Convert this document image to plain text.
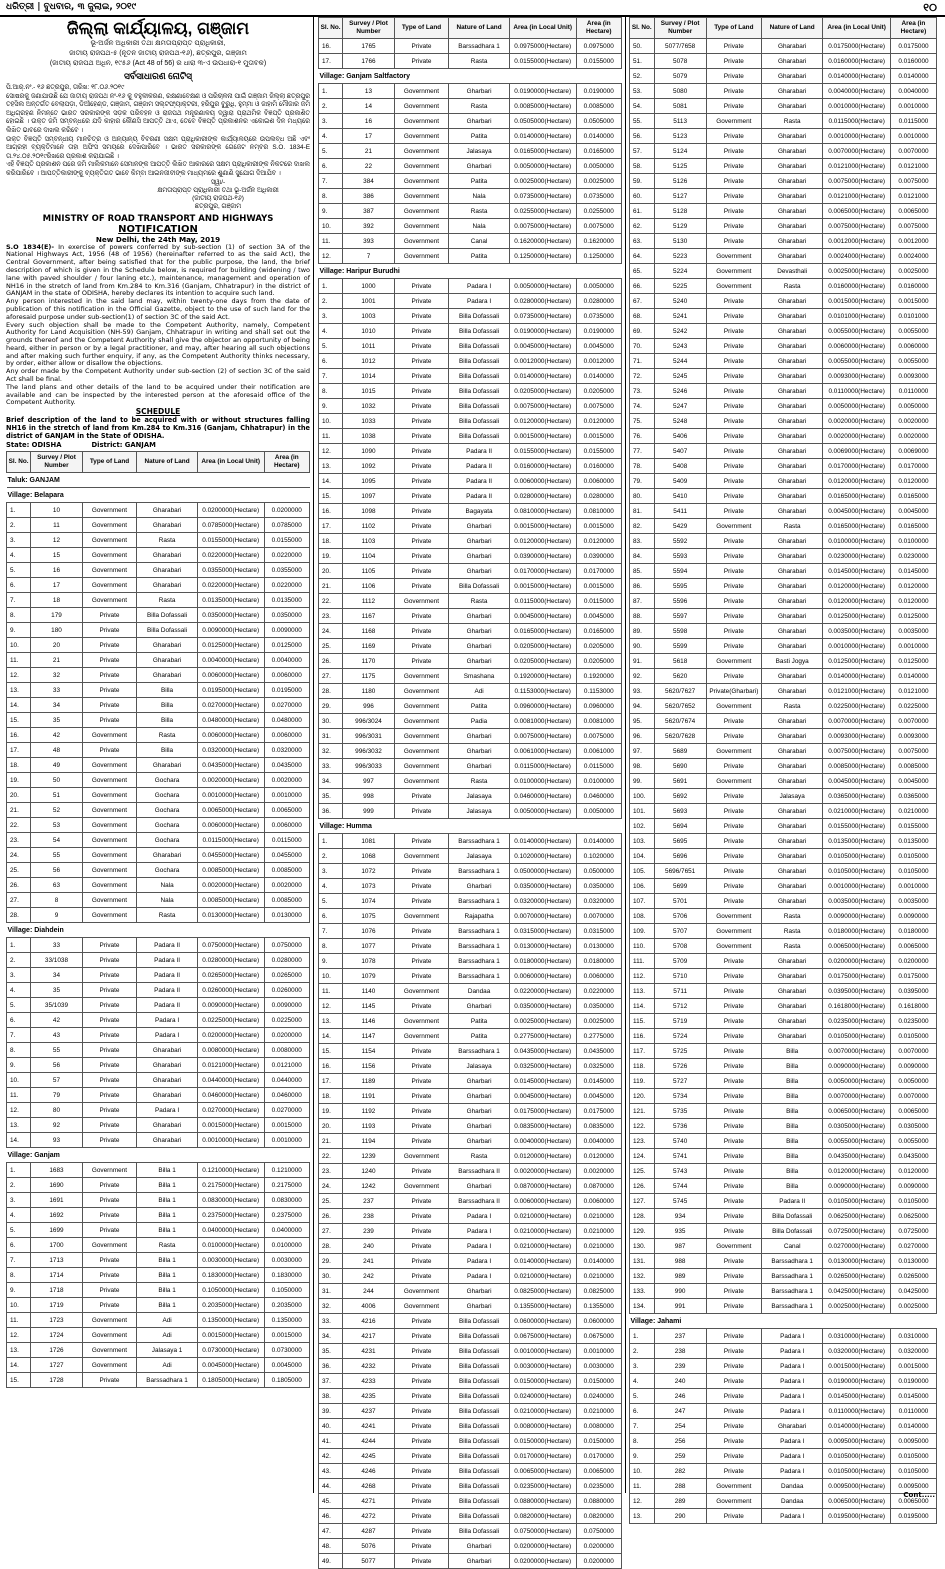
ଧରିତ୍ରୀ | ବୁଧବାର, ୩ ଜୁଲାଇ, ୨୦୧୯	୧୦
ଜିଲ୍ଲା କାର୍ଯ୍ୟାଳୟ, ଗଞ୍ଜାମ
ଭୂ-ଅର୍ଜନ ଅଧିକାରୀ ତଥା କ୍ଷମତାପ୍ରାପ୍ତ ପ୍ରାଧିକାରୀ,
ଜାତୀୟ ରାଜପଥ-୫ (ନୂତନ ଜାତୀୟ ରାଜପଥ-୧୬), ଛତ୍ରପୁର, ଗଞ୍ଜାମ
(ଜାତୀୟ ରାଜପଥ ଅଧିନ, ୧୯୫୬ (Act 48 of 56) ର ଧାରା ୩-ଏ ଉପଧାରା-୧ ମୁତାବକ)
ସର୍ବସାଧାରଣ ନୋଟିସ୍
ପି.ଆର୍.ନଂ.- ୧୬ ଛତ୍ରପୁର, ତାରିଖ: ୧୮.୦୬.୨୦୧୯
ସୋଷରକୁ ଜଣାଯାଉଛି ଯେ ଜାତୀୟ ରାଜପଥ ନଂ-୧୬ କୁ ବହୁଳୀକରଣ, ରକ୍ଷଣାବେକ୍ଷଣ ଓ ପରିଚାଳନା ପାଇଁ ଗଞ୍ଜାମ ଜିଲ୍ଲା ଛତ୍ରପୁର ତହସିଲ ଅନ୍ତର୍ଗତ ବେଲାପଡ଼ା, ଡିଆଁହେଣ୍ଡ, ଗଞ୍ଜାମ, ଗଞ୍ଜାମ ସଲ୍ଟଫ୍ୟାକ୍ଟରୀ, ହରିପୁର ବୁରୁଧି, ହୁମ୍ମା ଓ ଜାହାମି ମୌଜାର ଜମି ଅଧିଗ୍ରହଣ ନିମନ୍ତେ ଭାରତ ସରକାରଙ୍କ ସଡ଼କ ପରିବହନ ଓ ରାଜପଥ ମନ୍ତ୍ରଣାଳୟ ଦ୍ୱାରା ପ୍ରାଥମିକ ବିଜ୍ଞପ୍ତି ପ୍ରକାଶିତ ହୋଇଛି । ଉକ୍ତ ଜମି ସମ୍ବନ୍ଧରେ ଯଦି କାହାର କୌଣସି ଆପତ୍ତି ଥାଏ, ତେବେ ବିଜ୍ଞପ୍ତି ପ୍ରକାଶନର ଏକୋଇଶ ଦିନ ମଧ୍ୟରେ ଲିଖିତ ଭାବରେ ଦାଖଲ କରିବେ ।
ଉକ୍ତ ବିଜ୍ଞପ୍ତି ସମ୍ବନ୍ଧୀୟ ମାନଚିତ୍ର ଓ ଅନ୍ୟାନ୍ୟ ବିବରଣୀ ସକ୍ଷମ ପ୍ରାଧିକାରୀଙ୍କ କାର୍ଯ୍ୟାଳୟରେ ଉପଲବ୍ଧ ଅଛି ଏବଂ ଆଗ୍ରହୀ ବ୍ୟକ୍ତିମାନେ ତାହା ଅଫିସ ସମୟରେ ଦେଖିପାରିବେ । ଭାରତ ସରକାରଙ୍କ ଗେଜେଟ ନମ୍ବର S.O. 1834-E ତା.୨୪.୦୫.୨୦୧୯ରିଖରେ ପ୍ରକାଶ କରାଯାଇଛି ।
ଏହି ବିଜ୍ଞପ୍ତି ପ୍ରକାଶନ ପରେ ଜମି ମାଲିକମାନେ ସେମାନଙ୍କ ଆପତ୍ତି ଲିଖିତ ଆକାରରେ ସକ୍ଷମ ପ୍ରାଧିକାରୀଙ୍କ ନିକଟରେ ଦାଖଲ କରିପାରିବେ । ଆପତ୍ତିକାରୀଙ୍କୁ ବ୍ୟକ୍ତିଗତ ଭାବେ କିମ୍ବା ଆଇନଜୀବୀଙ୍କ ମାଧ୍ୟମରେ ଶୁଣାଣି ସୁଯୋଗ ଦିଆଯିବ ।
ସ୍ୱା/-
କ୍ଷମତାପ୍ରାପ୍ତ ପ୍ରାଧିକାରୀ ତଥା ଭୂ-ଅର୍ଜନ ଅଧିକାରୀ
(ଜାତୀୟ ରାଜପଥ-୧୬)
ଛତ୍ରପୁର, ଗଞ୍ଜାମ
MINISTRY OF ROAD TRANSPORT AND HIGHWAYS
NOTIFICATION
New Delhi, the 24th May, 2019

S.O 1834(E)- In exercise of powers conferred by sub-section (1) of section 3A of the National Highways Act, 1956 (48 of 1956) (hereinafter referred to as the said Act), the Central Government, after being satisfied that for the public purpose, the land, the brief description of which is given in the Schedule below, is required for building (widening / two lane with paved shoulder / four laning etc.), maintenance, management and operation of NH16 in the stretch of land from Km.284 to Km.316 (Ganjam, Chhatrapur) in the district of GANJAM in the state of ODISHA, hereby declares its intention to acquire such land.

Any person interested in the said land may, within twenty-one days from the date of publication of this notification in the Official Gazette, object to the use of such land for the aforesaid purpose under sub-section(1) of section 3C of the said Act.

Every such objection shall be made to the Competent Authority, namely, Competent Authority for Land Acquisition (NH-59) Ganjam, Chhatrapur in writing and shall set out the grounds thereof and the Competent Authority shall give the objector an opportunity of being heard, either in person or by a legal practitioner, and may, after hearing all such objections and after making such further enquiry, if any, as the Competent Authority thinks necessary, by order, either allow or disallow the objections.

Any order made by the Competent Authority under sub-section (2) of section 3C of the said Act shall be final.

The land plans and other details of the land to be acquired under their notification are available and can be inspected by the interested person at the aforesaid office of the Competent Authority.

SCHEDULE
Brief description of the land to be acquired with or without structures falling NH16 in the stretch of land from Km.284 to Km.316 (Ganjam, Chhatrapur) in the district of GANJAM in the State of ODISHA.
State: ODISHA	District: GANJAM
Sl. No.	Survey / Plot Number	Type of Land	Nature of Land	Area (in Local Unit)	Area (in Hectare)
Taluk: GANJAM					
Village: Belapara					
1.	10	Government	Gharabari	0.0200000(Hectare)	0.0200000
2.	11	Government	Gharabari	0.0785000(Hectare)	0.0785000
3.	12	Government	Rasta	0.0155000(Hectare)	0.0155000
4.	15	Government	Gharabari	0.0220000(Hectare)	0.0220000
5.	16	Government	Gharabari	0.0355000(Hectare)	0.0355000
6.	17	Government	Gharabari	0.0220000(Hectare)	0.0220000
7.	18	Government	Rasta	0.0135000(Hectare)	0.0135000
8.	179	Private	Billa Dofassali	0.0350000(Hectare)	0.0350000
9.	180	Private	Billa Dofassali	0.0090000(Hectare)	0.0090000
10.	20	Private	Gharabari	0.0125000(Hectare)	0.0125000
11.	21	Private	Gharabari	0.0040000(Hectare)	0.0040000
12.	32	Private	Gharabari	0.0060000(Hectare)	0.0060000
13.	33	Private	Billa	0.0195000(Hectare)	0.0195000
14.	34	Private	Billa	0.0270000(Hectare)	0.0270000
15.	35	Private	Billa	0.0480000(Hectare)	0.0480000
16.	42	Government	Rasta	0.0060000(Hectare)	0.0060000
17.	48	Private	Billa	0.0320000(Hectare)	0.0320000
18.	49	Government	Gharabari	0.0435000(Hectare)	0.0435000
19.	50	Government	Gochara	0.0020000(Hectare)	0.0020000
20.	51	Government	Gochara	0.0010000(Hectare)	0.0010000
21.	52	Government	Gochara	0.0065000(Hectare)	0.0065000
22.	53	Government	Gochara	0.0060000(Hectare)	0.0060000
23.	54	Government	Gochara	0.0115000(Hectare)	0.0115000
24.	55	Government	Gharabari	0.0455000(Hectare)	0.0455000
25.	56	Government	Gochara	0.0085000(Hectare)	0.0085000
26.	63	Government	Nala	0.0020000(Hectare)	0.0020000
27.	8	Government	Nala	0.0085000(Hectare)	0.0085000
28.	9	Government	Rasta	0.0130000(Hectare)	0.0130000
Village: Diahdein					
1.	33	Private	Padara II	0.0750000(Hectare)	0.0750000
2.	33/1038	Private	Padara II	0.0280000(Hectare)	0.0280000
3.	34	Private	Padara II	0.0265000(Hectare)	0.0265000
4.	35	Private	Padara II	0.0260000(Hectare)	0.0260000
5.	35/1039	Private	Padara II	0.0090000(Hectare)	0.0090000
6.	42	Private	Padara I	0.0225000(Hectare)	0.0225000
7.	43	Private	Padara I	0.0200000(Hectare)	0.0200000
8.	55	Private	Gharabari	0.0080000(Hectare)	0.0080000
9.	56	Private	Gharabari	0.0121000(Hectare)	0.0121000
10.	57	Private	Gharabari	0.0440000(Hectare)	0.0440000
11.	79	Private	Gharabari	0.0460000(Hectare)	0.0460000
12.	80	Private	Padara I	0.0270000(Hectare)	0.0270000
13.	92	Private	Gharabari	0.0015000(Hectare)	0.0015000
14.	93	Private	Gharabari	0.0010000(Hectare)	0.0010000
Village: Ganjam					
1.	1683	Government	Billa 1	0.1210000(Hectare)	0.1210000
2.	1690	Private	Billa 1	0.2175000(Hectare)	0.2175000
3.	1691	Private	Billa 1	0.0830000(Hectare)	0.0830000
4.	1692	Private	Billa 1	0.2375000(Hectare)	0.2375000
5.	1699	Private	Billa 1	0.0400000(Hectare)	0.0400000
6.	1700	Government	Rasta	0.0100000(Hectare)	0.0100000
7.	1713	Private	Billa 1	0.0030000(Hectare)	0.0030000
8.	1714	Private	Billa 1	0.1830000(Hectare)	0.1830000
9.	1718	Private	Billa 1	0.1050000(Hectare)	0.1050000
10.	1719	Private	Billa 1	0.2035000(Hectare)	0.2035000
11.	1723	Government	Adi	0.1350000(Hectare)	0.1350000
12.	1724	Government	Adi	0.0015000(Hectare)	0.0015000
13.	1726	Government	Jalasaya 1	0.0730000(Hectare)	0.0730000
14.	1727	Government	Adi	0.0045000(Hectare)	0.0045000
15.	1728	Private	Barssadhara 1	0.1805000(Hectare)	0.1805000
Sl. No.	Survey / Plot Number	Type of Land	Nature of Land	Area (in Local Unit)	Area (in Hectare)
16.	1765	Private	Barssadhara 1	0.0975000(Hectare)	0.0975000
17.	1766	Private	Rasta	0.0155000(Hectare)	0.0155000
Village: Ganjam Saltfactory					
1.	13	Government	Gharbari	0.0190000(Hectare)	0.0190000
2.	14	Government	Rasta	0.0085000(Hectare)	0.0085000
3.	16	Government	Gharbari	0.0505000(Hectare)	0.0505000
4.	17	Government	Patita	0.0140000(Hectare)	0.0140000
5.	21	Government	Jalasaya	0.0165000(Hectare)	0.0165000
6.	22	Government	Gharbari	0.0050000(Hectare)	0.0050000
7.	384	Government	Patita	0.0025000(Hectare)	0.0025000
8.	386	Government	Nala	0.0735000(Hectare)	0.0735000
9.	387	Government	Rasta	0.0255000(Hectare)	0.0255000
10.	392	Government	Nala	0.0075000(Hectare)	0.0075000
11.	393	Government	Canal	0.1620000(Hectare)	0.1620000
12.	7	Government	Patita	0.1250000(Hectare)	0.1250000
Village: Haripur Burudhi					
1.	1000	Private	Padara I	0.0050000(Hectare)	0.0050000
2.	1001	Private	Padara I	0.0280000(Hectare)	0.0280000
3.	1003	Private	Billa Dofassali	0.0735000(Hectare)	0.0735000
4.	1010	Private	Billa Dofassali	0.0190000(Hectare)	0.0190000
5.	1011	Private	Billa Dofassali	0.0045000(Hectare)	0.0045000
6.	1012	Private	Billa Dofassali	0.0012000(Hectare)	0.0012000
7.	1014	Private	Billa Dofassali	0.0140000(Hectare)	0.0140000
8.	1015	Private	Billa Dofassali	0.0205000(Hectare)	0.0205000
9.	1032	Private	Billa Dofassali	0.0075000(Hectare)	0.0075000
10.	1033	Private	Billa Dofassali	0.0120000(Hectare)	0.0120000
11.	1038	Private	Billa Dofassali	0.0015000(Hectare)	0.0015000
12.	1090	Private	Padara II	0.0155000(Hectare)	0.0155000
13.	1092	Private	Padara II	0.0160000(Hectare)	0.0160000
14.	1095	Private	Padara II	0.0060000(Hectare)	0.0060000
15.	1097	Private	Padara II	0.0280000(Hectare)	0.0280000
16.	1098	Private	Bagayata	0.0810000(Hectare)	0.0810000
17.	1102	Private	Gharbari	0.0015000(Hectare)	0.0015000
18.	1103	Private	Gharbari	0.0120000(Hectare)	0.0120000
19.	1104	Private	Gharbari	0.0390000(Hectare)	0.0390000
20.	1105	Private	Gharbari	0.0170000(Hectare)	0.0170000
21.	1106	Private	Billa Dofassali	0.0015000(Hectare)	0.0015000
22.	1112	Government	Rasta	0.0115000(Hectare)	0.0115000
23.	1167	Private	Gharbari	0.0045000(Hectare)	0.0045000
24.	1168	Private	Gharbari	0.0165000(Hectare)	0.0165000
25.	1169	Private	Gharbari	0.0205000(Hectare)	0.0205000
26.	1170	Private	Gharbari	0.0205000(Hectare)	0.0205000
27.	1175	Government	Smashana	0.1920000(Hectare)	0.1920000
28.	1180	Government	Adi	0.1153000(Hectare)	0.1153000
29.	996	Government	Patita	0.0960000(Hectare)	0.0960000
30.	996/3024	Government	Padia	0.0081000(Hectare)	0.0081000
31.	996/3031	Government	Gharbari	0.0075000(Hectare)	0.0075000
32.	996/3032	Government	Gharbari	0.0061000(Hectare)	0.0061000
33.	996/3033	Government	Gharbari	0.0115000(Hectare)	0.0115000
34.	997	Government	Rasta	0.0100000(Hectare)	0.0100000
35.	998	Private	Jalasaya	0.0460000(Hectare)	0.0460000
36.	999	Private	Jalasaya	0.0050000(Hectare)	0.0050000
Village: Humma					
1.	1081	Private	Barssadhara 1	0.0140000(Hectare)	0.0140000
2.	1068	Government	Jalasaya	0.1020000(Hectare)	0.1020000
3.	1072	Private	Barssadhara 1	0.0500000(Hectare)	0.0500000
4.	1073	Private	Gharbari	0.0350000(Hectare)	0.0350000
5.	1074	Private	Barssadhara 1	0.0320000(Hectare)	0.0320000
6.	1075	Government	Rajapatha	0.0070000(Hectare)	0.0070000
7.	1076	Private	Barssadhara 1	0.0315000(Hectare)	0.0315000
8.	1077	Private	Barssadhara 1	0.0130000(Hectare)	0.0130000
9.	1078	Private	Barssadhara 1	0.0180000(Hectare)	0.0180000
10.	1079	Private	Barssadhara 1	0.0060000(Hectare)	0.0060000
11.	1140	Government	Dandaa	0.0220000(Hectare)	0.0220000
12.	1145	Private	Gharbari	0.0350000(Hectare)	0.0350000
13.	1146	Government	Patita	0.0025000(Hectare)	0.0025000
14.	1147	Government	Patita	0.2775000(Hectare)	0.2775000
15.	1154	Private	Barssadhara 1	0.0435000(Hectare)	0.0435000
16.	1156	Private	Jalasaya	0.0325000(Hectare)	0.0325000
17.	1189	Private	Gharbari	0.0145000(Hectare)	0.0145000
18.	1191	Private	Gharbari	0.0045000(Hectare)	0.0045000
19.	1192	Private	Gharbari	0.0175000(Hectare)	0.0175000
20.	1193	Private	Gharbari	0.0835000(Hectare)	0.0835000
21.	1194	Private	Gharbari	0.0040000(Hectare)	0.0040000
22.	1239	Government	Rasta	0.0120000(Hectare)	0.0120000
23.	1240	Private	Barssadhara II	0.0020000(Hectare)	0.0020000
24.	1242	Government	Gharbari	0.0870000(Hectare)	0.0870000
25.	237	Private	Barssadhara II	0.0060000(Hectare)	0.0060000
26.	238	Private	Padara I	0.0210000(Hectare)	0.0210000
27.	239	Private	Padara I	0.0210000(Hectare)	0.0210000
28.	240	Private	Padara I	0.0210000(Hectare)	0.0210000
29.	241	Private	Padara I	0.0140000(Hectare)	0.0140000
30.	242	Private	Padara I	0.0210000(Hectare)	0.0210000
31.	244	Government	Gharbari	0.0825000(Hectare)	0.0825000
32.	4006	Government	Gharbari	0.1355000(Hectare)	0.1355000
33.	4216	Private	Billa Dofassali	0.0600000(Hectare)	0.0600000
34.	4217	Private	Billa Dofassali	0.0675000(Hectare)	0.0675000
35.	4231	Private	Billa Dofassali	0.0010000(Hectare)	0.0010000
36.	4232	Private	Billa Dofassali	0.0030000(Hectare)	0.0030000
37.	4233	Private	Billa Dofassali	0.0150000(Hectare)	0.0150000
38.	4235	Private	Billa Dofassali	0.0240000(Hectare)	0.0240000
39.	4237	Private	Billa Dofassali	0.0210000(Hectare)	0.0210000
40.	4241	Private	Billa Dofassali	0.0080000(Hectare)	0.0080000
41.	4244	Private	Billa Dofassali	0.0150000(Hectare)	0.0150000
42.	4245	Private	Billa Dofassali	0.0170000(Hectare)	0.0170000
43.	4246	Private	Billa Dofassali	0.0065000(Hectare)	0.0065000
44.	4268	Private	Billa Dofassali	0.0235000(Hectare)	0.0235000
45.	4271	Private	Billa Dofassali	0.0880000(Hectare)	0.0880000
46.	4272	Private	Billa Dofassali	0.0820000(Hectare)	0.0820000
47.	4287	Private	Billa Dofassali	0.0750000(Hectare)	0.0750000
48.	5076	Private	Gharbari	0.0200000(Hectare)	0.0200000
49.	5077	Private	Gharbari	0.0200000(Hectare)	0.0200000
Sl. No.	Survey / Plot Number	Type of Land	Nature of Land	Area (in Local Unit)	Area (in Hectare)
50.	5077/7658	Private	Gharabari	0.0175000(Hectare)	0.0175000
51.	5078	Private	Gharabari	0.0160000(Hectare)	0.0160000
52.	5079	Private	Gharabari	0.0140000(Hectare)	0.0140000
53.	5080	Private	Gharabari	0.0040000(Hectare)	0.0040000
54.	5081	Private	Gharabari	0.0010000(Hectare)	0.0010000
55.	5113	Government	Rasta	0.0115000(Hectare)	0.0115000
56.	5123	Private	Gharabari	0.0010000(Hectare)	0.0010000
57.	5124	Private	Gharabari	0.0070000(Hectare)	0.0070000
58.	5125	Private	Gharabari	0.0121000(Hectare)	0.0121000
59.	5126	Private	Gharabari	0.0075000(Hectare)	0.0075000
60.	5127	Private	Gharabari	0.0121000(Hectare)	0.0121000
61.	5128	Private	Gharabari	0.0065000(Hectare)	0.0065000
62.	5129	Private	Gharabari	0.0075000(Hectare)	0.0075000
63.	5130	Private	Gharabari	0.0012000(Hectare)	0.0012000
64.	5223	Government	Gharabari	0.0024000(Hectare)	0.0024000
65.	5224	Government	Devasthali	0.0025000(Hectare)	0.0025000
66.	5225	Government	Rasta	0.0160000(Hectare)	0.0160000
67.	5240	Private	Gharabari	0.0015000(Hectare)	0.0015000
68.	5241	Private	Gharabari	0.0101000(Hectare)	0.0101000
69.	5242	Private	Gharabari	0.0055000(Hectare)	0.0055000
70.	5243	Private	Gharabari	0.0060000(Hectare)	0.0060000
71.	5244	Private	Gharabari	0.0055000(Hectare)	0.0055000
72.	5245	Private	Gharabari	0.0093000(Hectare)	0.0093000
73.	5246	Private	Gharabari	0.0110000(Hectare)	0.0110000
74.	5247	Private	Gharabari	0.0050000(Hectare)	0.0050000
75.	5248	Private	Gharabari	0.0020000(Hectare)	0.0020000
76.	5406	Private	Gharabari	0.0020000(Hectare)	0.0020000
77.	5407	Private	Gharabari	0.0069000(Hectare)	0.0069000
78.	5408	Private	Gharabari	0.0170000(Hectare)	0.0170000
79.	5409	Private	Gharabari	0.0120000(Hectare)	0.0120000
80.	5410	Private	Gharabari	0.0165000(Hectare)	0.0165000
81.	5411	Private	Gharabari	0.0045000(Hectare)	0.0045000
82.	5429	Government	Rasta	0.0165000(Hectare)	0.0165000
83.	5592	Private	Gharabari	0.0100000(Hectare)	0.0100000
84.	5593	Private	Gharabari	0.0230000(Hectare)	0.0230000
85.	5594	Private	Gharabari	0.0145000(Hectare)	0.0145000
86.	5595	Private	Gharabari	0.0120000(Hectare)	0.0120000
87.	5596	Private	Gharabari	0.0120000(Hectare)	0.0120000
88.	5597	Private	Gharabari	0.0125000(Hectare)	0.0125000
89.	5598	Private	Gharabari	0.0035000(Hectare)	0.0035000
90.	5599	Private	Gharabari	0.0010000(Hectare)	0.0010000
91.	5618	Government	Basti Jogya	0.0125000(Hectare)	0.0125000
92.	5620	Private	Gharabari	0.0140000(Hectare)	0.0140000
93.	5620/7627	Private(Gharbari)	Gharabari	0.0121000(Hectare)	0.0121000
94.	5620/7652	Government	Rasta	0.0225000(Hectare)	0.0225000
95.	5620/7674	Private	Gharabari	0.0070000(Hectare)	0.0070000
96.	5620/7628	Private	Gharabari	0.0093000(Hectare)	0.0093000
97.	5689	Government	Gharabari	0.0075000(Hectare)	0.0075000
98.	5690	Private	Gharabari	0.0085000(Hectare)	0.0085000
99.	5691	Government	Gharabari	0.0045000(Hectare)	0.0045000
100.	5692	Private	Jalasaya	0.0365000(Hectare)	0.0365000
101.	5693	Private	Gharabari	0.0210000(Hectare)	0.0210000
102.	5694	Private	Gharabari	0.0155000(Hectare)	0.0155000
103.	5695	Private	Gharabari	0.0135000(Hectare)	0.0135000
104.	5696	Private	Gharabari	0.0105000(Hectare)	0.0105000
105.	5696/7651	Private	Gharabari	0.0105000(Hectare)	0.0105000
106.	5699	Private	Gharabari	0.0010000(Hectare)	0.0010000
107.	5701	Private	Gharabari	0.0035000(Hectare)	0.0035000
108.	5706	Government	Rasta	0.0090000(Hectare)	0.0090000
109.	5707	Government	Rasta	0.0180000(Hectare)	0.0180000
110.	5708	Government	Rasta	0.0065000(Hectare)	0.0065000
111.	5709	Private	Gharabari	0.0200000(Hectare)	0.0200000
112.	5710	Private	Gharabari	0.0175000(Hectare)	0.0175000
113.	5711	Private	Gharabari	0.0395000(Hectare)	0.0395000
114.	5712	Private	Gharabari	0.1618000(Hectare)	0.1618000
115.	5719	Private	Gharabari	0.0235000(Hectare)	0.0235000
116.	5724	Private	Gharabari	0.0105000(Hectare)	0.0105000
117.	5725	Private	Billa	0.0070000(Hectare)	0.0070000
118.	5726	Private	Billa	0.0090000(Hectare)	0.0090000
119.	5727	Private	Billa	0.0050000(Hectare)	0.0050000
120.	5734	Private	Billa	0.0070000(Hectare)	0.0070000
121.	5735	Private	Billa	0.0065000(Hectare)	0.0065000
122.	5736	Private	Billa	0.0305000(Hectare)	0.0305000
123.	5740	Private	Billa	0.0055000(Hectare)	0.0055000
124.	5741	Private	Billa	0.0435000(Hectare)	0.0435000
125.	5743	Private	Billa	0.0120000(Hectare)	0.0120000
126.	5744	Private	Billa	0.0090000(Hectare)	0.0090000
127.	5745	Private	Padara II	0.0105000(Hectare)	0.0105000
128.	934	Private	Billa Dofassali	0.0625000(Hectare)	0.0625000
129.	935	Private	Billa Dofassali	0.0725000(Hectare)	0.0725000
130.	987	Government	Canal	0.0270000(Hectare)	0.0270000
131.	988	Private	Barssadhara 1	0.0130000(Hectare)	0.0130000
132.	989	Private	Barssadhara 1	0.0265000(Hectare)	0.0265000
133.	990	Private	Barssadhara 1	0.0425000(Hectare)	0.0425000
134.	991	Private	Barssadhara 1	0.0025000(Hectare)	0.0025000
Village: Jahami					
1.	237	Private	Padara I	0.0310000(Hectare)	0.0310000
2.	238	Private	Padara I	0.0320000(Hectare)	0.0320000
3.	239	Private	Padara I	0.0015000(Hectare)	0.0015000
4.	240	Private	Padara I	0.0190000(Hectare)	0.0190000
5.	246	Private	Padara I	0.0145000(Hectare)	0.0145000
6.	247	Private	Padara I	0.0110000(Hectare)	0.0110000
7.	254	Private	Gharabari	0.0140000(Hectare)	0.0140000
8.	256	Private	Padara I	0.0095000(Hectare)	0.0095000
9.	259	Private	Padara I	0.0105000(Hectare)	0.0105000
10.	282	Private	Padara I	0.0105000(Hectare)	0.0105000
11.	288	Government	Dandaa	0.0095000(Hectare)	0.0095000
12.	289	Government	Dandaa	0.0065000(Hectare)	0.0065000
13.	290	Private	Padara I	0.0195000(Hectare)	0.0195000
Cont.....
